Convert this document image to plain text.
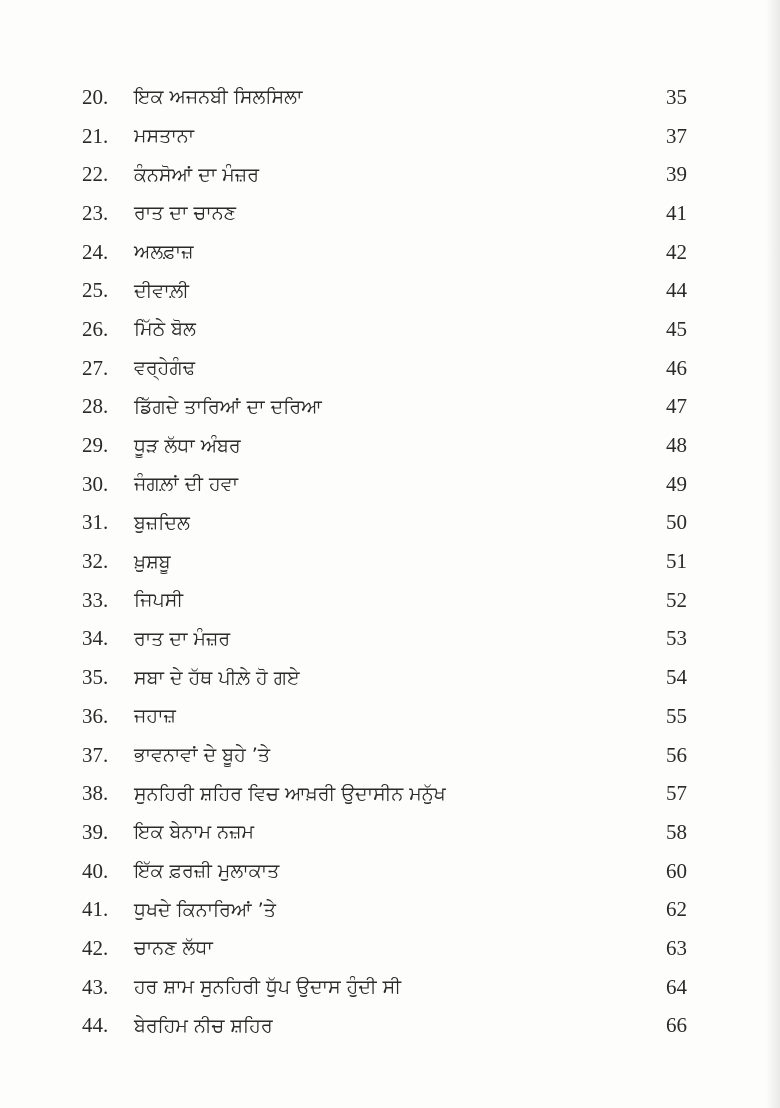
20.	ਇਕ ਅਜਨਬੀ ਸਿਲਸਿਲਾ	35
21.	ਮਸਤਾਨਾ	37
22.	ਕੰਨਸੋਆਂ ਦਾ ਮੰਜ਼ਰ	39
23.	ਰਾਤ ਦਾ ਚਾਨਣ	41
24.	ਅਲਫ਼ਾਜ਼	42
25.	ਦੀਵਾਲ਼ੀ	44
26.	ਮਿੱਠੇ ਬੋਲ	45
27.	ਵਰ੍ਹੇਗੰਢ	46
28.	ਡਿੱਗਦੇ ਤਾਰਿਆਂ ਦਾ ਦਰਿਆ	47
29.	ਧੂੜ ਲੱਧਾ ਅੰਬਰ	48
30.	ਜੰਗਲ਼ਾਂ ਦੀ ਹਵਾ	49
31.	ਬੁਜ਼ਦਿਲ	50
32.	ਖ਼ੁਸ਼ਬੂ	51
33.	ਜਿਪਸੀ	52
34.	ਰਾਤ ਦਾ ਮੰਜ਼ਰ	53
35.	ਸਬਾ ਦੇ ਹੱਥ ਪੀਲ਼ੇ ਹੋ ਗਏ	54
36.	ਜਹਾਜ਼	55
37.	ਭਾਵਨਾਵਾਂ ਦੇ ਬੂਹੇ ’ਤੇ	56
38.	ਸੁਨਹਿਰੀ ਸ਼ਹਿਰ ਵਿਚ ਆਖ਼ਰੀ ਉਦਾਸੀਨ ਮਨੁੱਖ	57
39.	ਇਕ ਬੇਨਾਮ ਨਜ਼ਮ	58
40.	ਇੱਕ ਫ਼ਰਜ਼ੀ ਮੁਲਾਕਾਤ	60
41.	ਧੁਖਦੇ ਕਿਨਾਰਿਆਂ ’ਤੇ	62
42.	ਚਾਨਣ ਲੱਧਾ	63
43.	ਹਰ ਸ਼ਾਮ ਸੁਨਹਿਰੀ ਧੁੱਪ ਉਦਾਸ ਹੁੰਦੀ ਸੀ	64
44.	ਬੇਰਹਿਮ ਨੀਚ ਸ਼ਹਿਰ	66
